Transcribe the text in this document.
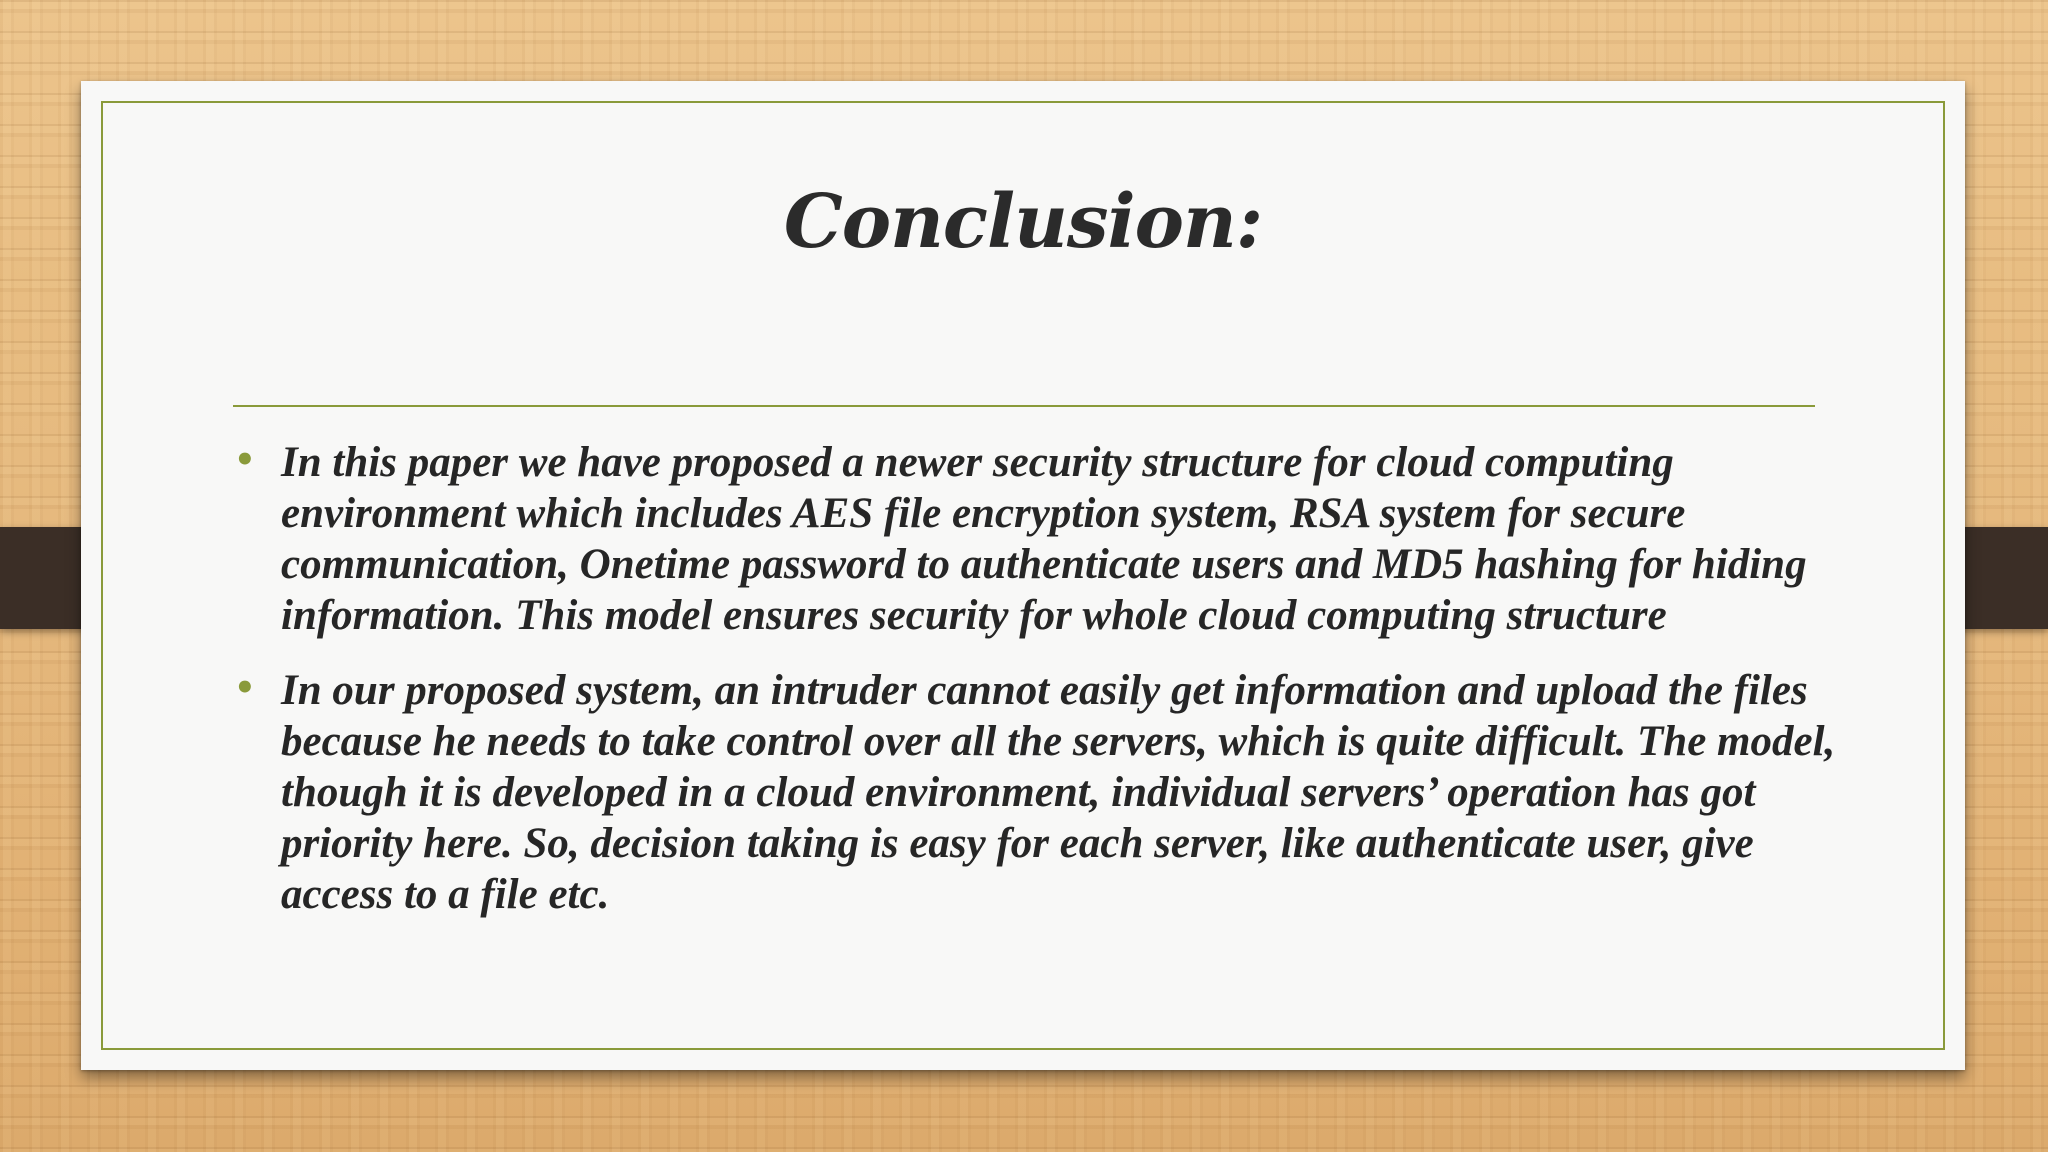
Conclusion:
• In this paper we have proposed a newer security structure for cloud computing environment which includes AES file encryption system, RSA system for secure communication, Onetime password to authenticate users and MD5 hashing for hiding information. This model ensures security for whole cloud computing structure
• In our proposed system, an intruder cannot easily get information and upload the files because he needs to take control over all the servers, which is quite difficult. The model, though it is developed in a cloud environment, individual servers’ operation has got priority here. So, decision taking is easy for each server, like authenticate user, give access to a file etc.
